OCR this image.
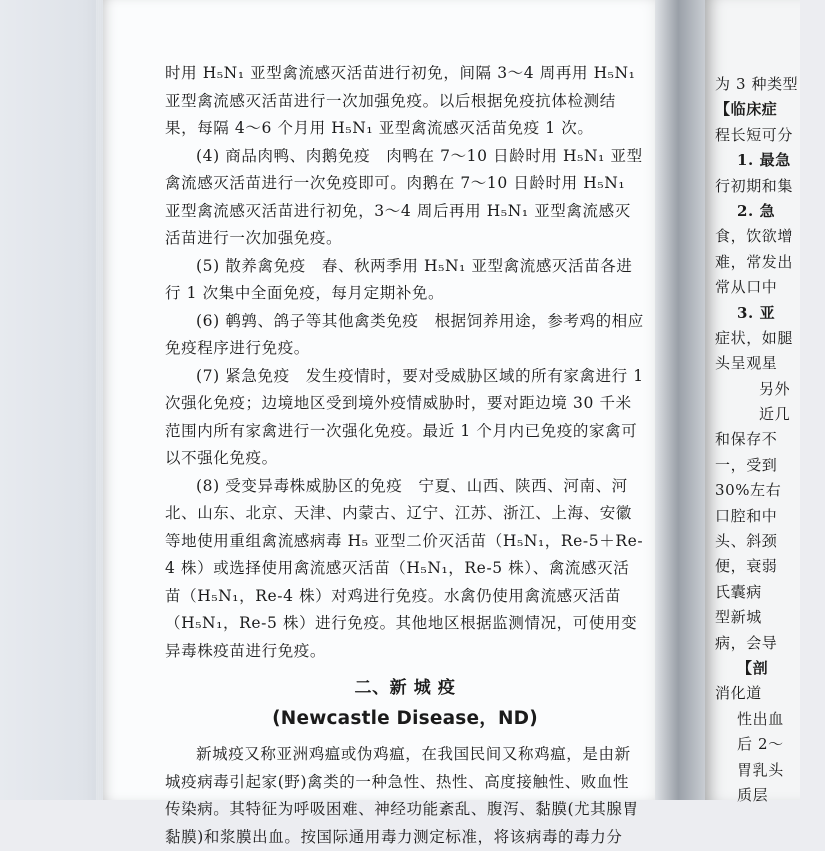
时用 H₅N₁ 亚型禽流感灭活苗进行初免，间隔 3～4 周再用 H₅N₁ 亚型禽流感灭活苗进行一次加强免疫。以后根据免疫抗体检测结果，每隔 4～6 个月用 H₅N₁ 亚型禽流感灭活苗免疫 1 次。

(4) 商品肉鸭、肉鹅免疫　肉鸭在 7～10 日龄时用 H₅N₁ 亚型禽流感灭活苗进行一次免疫即可。肉鹅在 7～10 日龄时用 H₅N₁ 亚型禽流感灭活苗进行初免，3～4 周后再用 H₅N₁ 亚型禽流感灭活苗进行一次加强免疫。

(5) 散养禽免疫　春、秋两季用 H₅N₁ 亚型禽流感灭活苗各进行 1 次集中全面免疫，每月定期补免。

(6) 鹌鹑、鸽子等其他禽类免疫　根据饲养用途，参考鸡的相应免疫程序进行免疫。

(7) 紧急免疫　发生疫情时，要对受威胁区域的所有家禽进行 1 次强化免疫；边境地区受到境外疫情威胁时，要对距边境 30 千米范围内所有家禽进行一次强化免疫。最近 1 个月内已免疫的家禽可以不强化免疫。

(8) 受变异毒株威胁区的免疫　宁夏、山西、陕西、河南、河北、山东、北京、天津、内蒙古、辽宁、江苏、浙江、上海、安徽等地使用重组禽流感病毒 H₅ 亚型二价灭活苗（H₅N₁，Re-5＋Re-4 株）或选择使用禽流感灭活苗（H₅N₁，Re-5 株）、禽流感灭活苗（H₅N₁，Re-4 株）对鸡进行免疫。水禽仍使用禽流感灭活苗（H₅N₁，Re-5 株）进行免疫。其他地区根据监测情况，可使用变异毒株疫苗进行免疫。

二、新 城 疫
(Newcastle Disease，ND)

新城疫又称亚洲鸡瘟或伪鸡瘟，在我国民间又称鸡瘟，是由新城疫病毒引起家(野)禽类的一种急性、热性、高度接触性、败血性传染病。其特征为呼吸困难、神经功能紊乱、腹泻、黏膜(尤其腺胃黏膜)和浆膜出血。按国际通用毒力测定标准，将该病毒的毒力分

为 3 种类型
【临床症
程长短可分
1. 最急
行初期和集
2. 急
食，饮欲增
难，常发出
常从口中
3. 亚
症状，如腿
头呈观星
另外
近几
和保存不
一，受到
30%左右
口腔和中
头、斜颈
便，衰弱
氏囊病
型新城
病，会导
【剖
消化道
性出血
后 2～
胃乳头
质层
